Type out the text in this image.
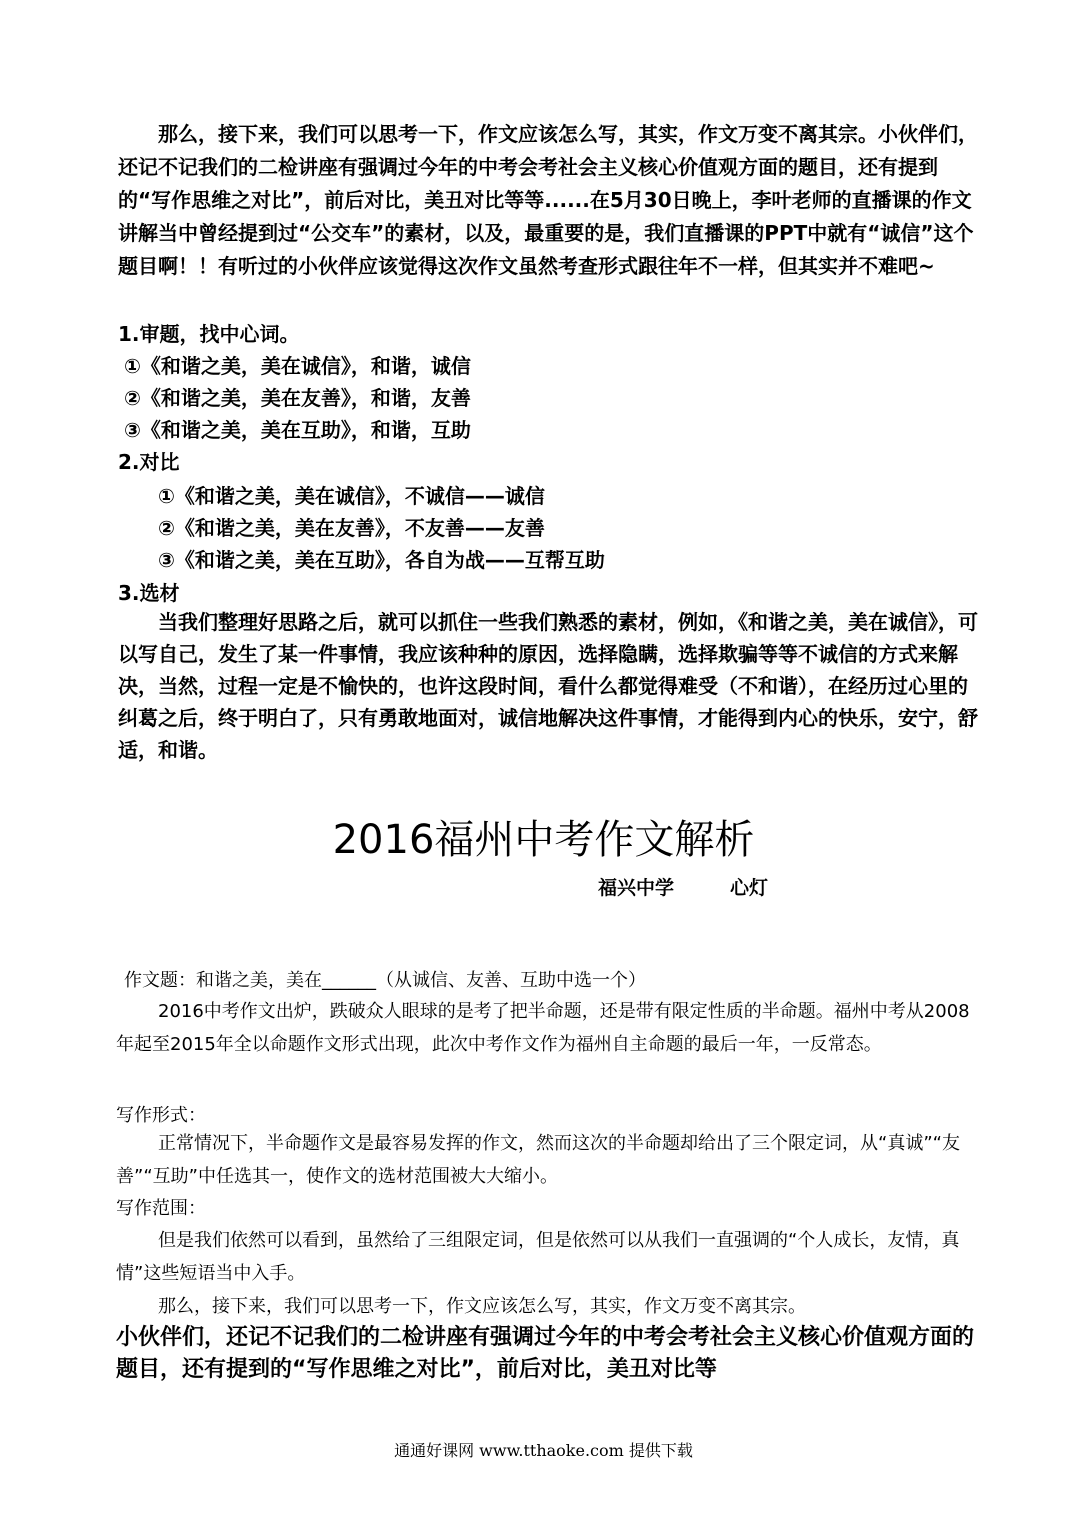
那么，接下来，我们可以思考一下，作文应该怎么写，其实，作文万变不离其宗。小伙伴们，还记不记我们的二检讲座有强调过今年的中考会考社会主义核心价值观方面的题目，还有提到的“写作思维之对比”，前后对比，美丑对比等等......在5月30日晚上，李叶老师的直播课的作文讲解当中曾经提到过“公交车”的素材，以及，最重要的是，我们直播课的PPT中就有“诚信”这个题目啊！！有听过的小伙伴应该觉得这次作文虽然考查形式跟往年不一样，但其实并不难吧~

1.审题，找中心词。
①《和谐之美，美在诚信》，和谐，诚信
②《和谐之美，美在友善》，和谐，友善
③《和谐之美，美在互助》，和谐，互助
2.对比
①《和谐之美，美在诚信》，不诚信——诚信
②《和谐之美，美在友善》，不友善——友善
③《和谐之美，美在互助》，各自为战——互帮互助
3.选材

当我们整理好思路之后，就可以抓住一些我们熟悉的素材，例如，《和谐之美，美在诚信》，可以写自己，发生了某一件事情，我应该种种的原因，选择隐瞒，选择欺骗等等不诚信的方式来解决，当然，过程一定是不愉快的，也许这段时间，看什么都觉得难受（不和谐），在经历过心里的纠葛之后，终于明白了，只有勇敢地面对，诚信地解决这件事情，才能得到内心的快乐，安宁，舒适，和谐。

2016福州中考作文解析
福兴中学	心灯
作文题：和谐之美，美在______（从诚信、友善、互助中选一个）

2016中考作文出炉，跌破众人眼球的是考了把半命题，还是带有限定性质的半命题。福州中考从2008年起至2015年全以命题作文形式出现，此次中考作文作为福州自主命题的最后一年，一反常态。

写作形式：

正常情况下，半命题作文是最容易发挥的作文，然而这次的半命题却给出了三个限定词，从“真诚”“友善”“互助”中任选其一，使作文的选材范围被大大缩小。

写作范围：

但是我们依然可以看到，虽然给了三组限定词，但是依然可以从我们一直强调的“个人成长，友情，真情”这些短语当中入手。

那么，接下来，我们可以思考一下，作文应该怎么写，其实，作文万变不离其宗。

小伙伴们，还记不记我们的二检讲座有强调过今年的中考会考社会主义核心价值观方面的题目，还有提到的“写作思维之对比”，前后对比，美丑对比等

通通好课网 www.tthaoke.com 提供下载
